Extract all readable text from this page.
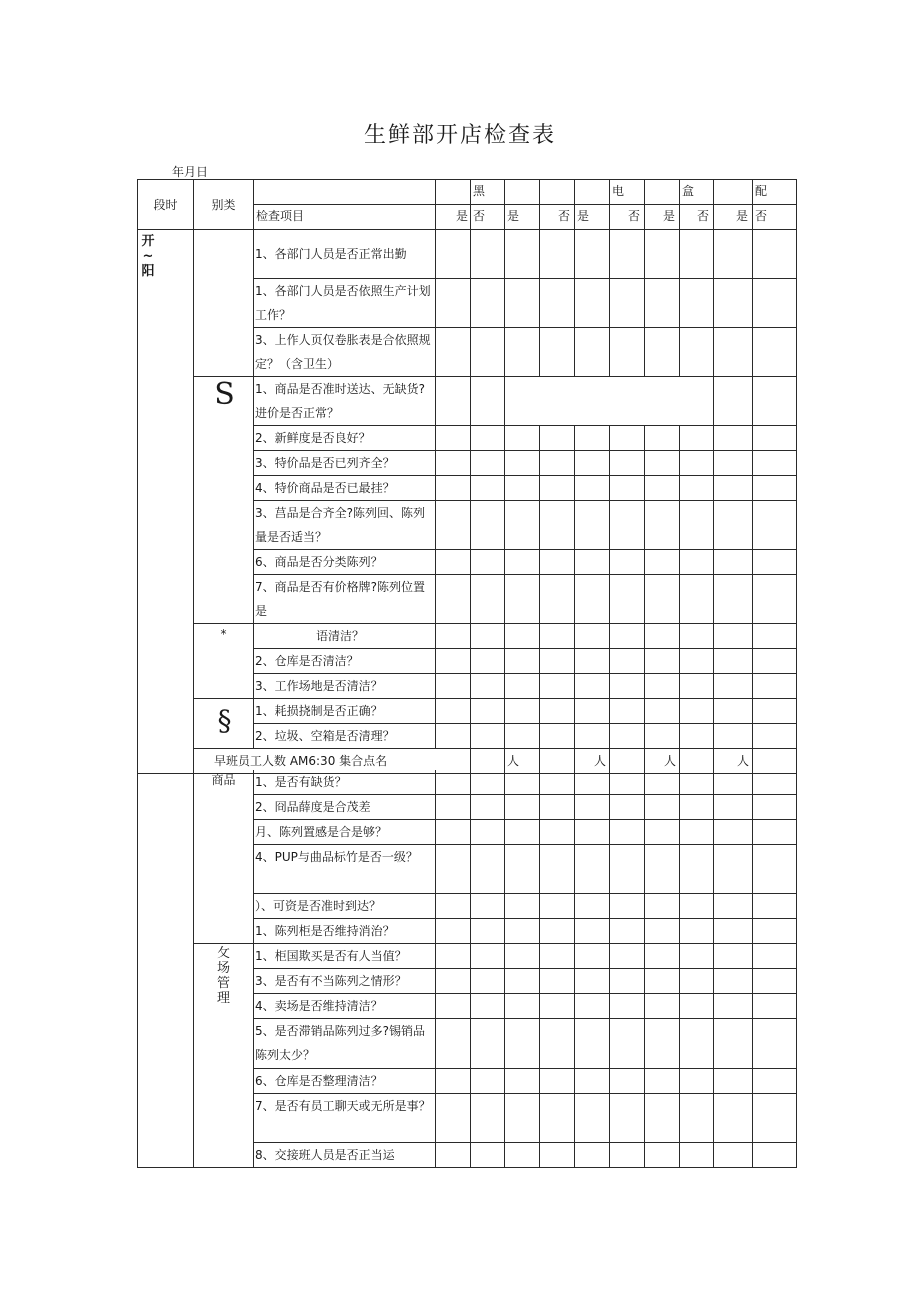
生鲜部开店检查表
年月日
段时	别类			黑				电		盒		配	
		检查项目	是	否	是	否	是	否	是	否	是	否	
开 ~ 阳		1、各部门人员是否正常出勤											
		1、各部门人员是否依照生产计划工作？											
		3、上作人页仅卷胀表是合依照规定？（含卫生）											
	S	1、商品是否准时送达、无缺货?进价是否正常？											
		2、新鲜度是否良好？											
		3、特价品是否已列齐全？											
		4、特价商品是否已最挂？											
		3、莒品是合齐全?陈列回、陈列量是否适当？											
		6、商品是否分类陈列？											
		7、商品是否有价格牌?陈列位置是											
	*	语清洁？											
		2、仓库是否清洁？											
		3、工作场地是否清洁？											
	§	1、耗损挠制是否正确？											
		2、垃圾、空箱是否清理？											
	早班员工人数 AM6:30 集合点名				人		人		人		人		
	商品	1、是否有缺货？										
		2、冏品薛度是合茂差										
		月、陈列置感是合是够？										
		4、PUP与曲品标竹是否一级？										
		）、可资是否准时到达？										
		1、陈列柜是否维持消治？										
	攵场管理	1、柜国欺买是否有人当值？										
		3、是否有不当陈列之情形？										
		4、卖场是否维持清洁？										
		5、是否滞销品陈列过多?锡销品陈列太少？										
		6、仓库是否整理清洁？										
		7、是否有员工聊天或无所是事？										
		8、交接班人员是否正当运										
